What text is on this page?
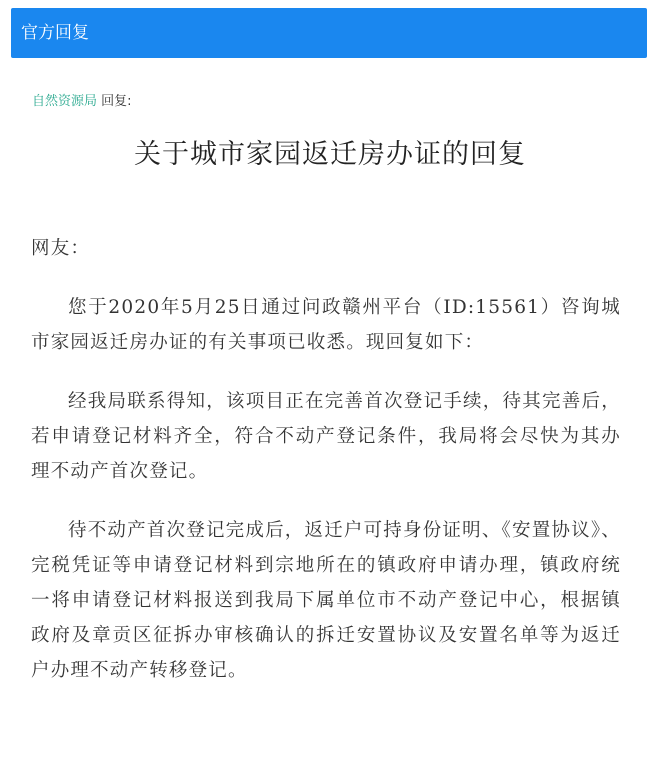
官方回复
自然资源局 回复:
关于城市家园返迁房办证的回复

网友：

您于2020年5月25日通过问政赣州平台（ID:15561）咨询城市家园返迁房办证的有关事项已收悉。现回复如下：

经我局联系得知，该项目正在完善首次登记手续，待其完善后，若申请登记材料齐全，符合不动产登记条件，我局将会尽快为其办理不动产首次登记。

待不动产首次登记完成后，返迁户可持身份证明、《安置协议》、完税凭证等申请登记材料到宗地所在的镇政府申请办理，镇政府统一将申请登记材料报送到我局下属单位市不动产登记中心，根据镇政府及章贡区征拆办审核确认的拆迁安置协议及安置名单等为返迁户办理不动产转移登记。
